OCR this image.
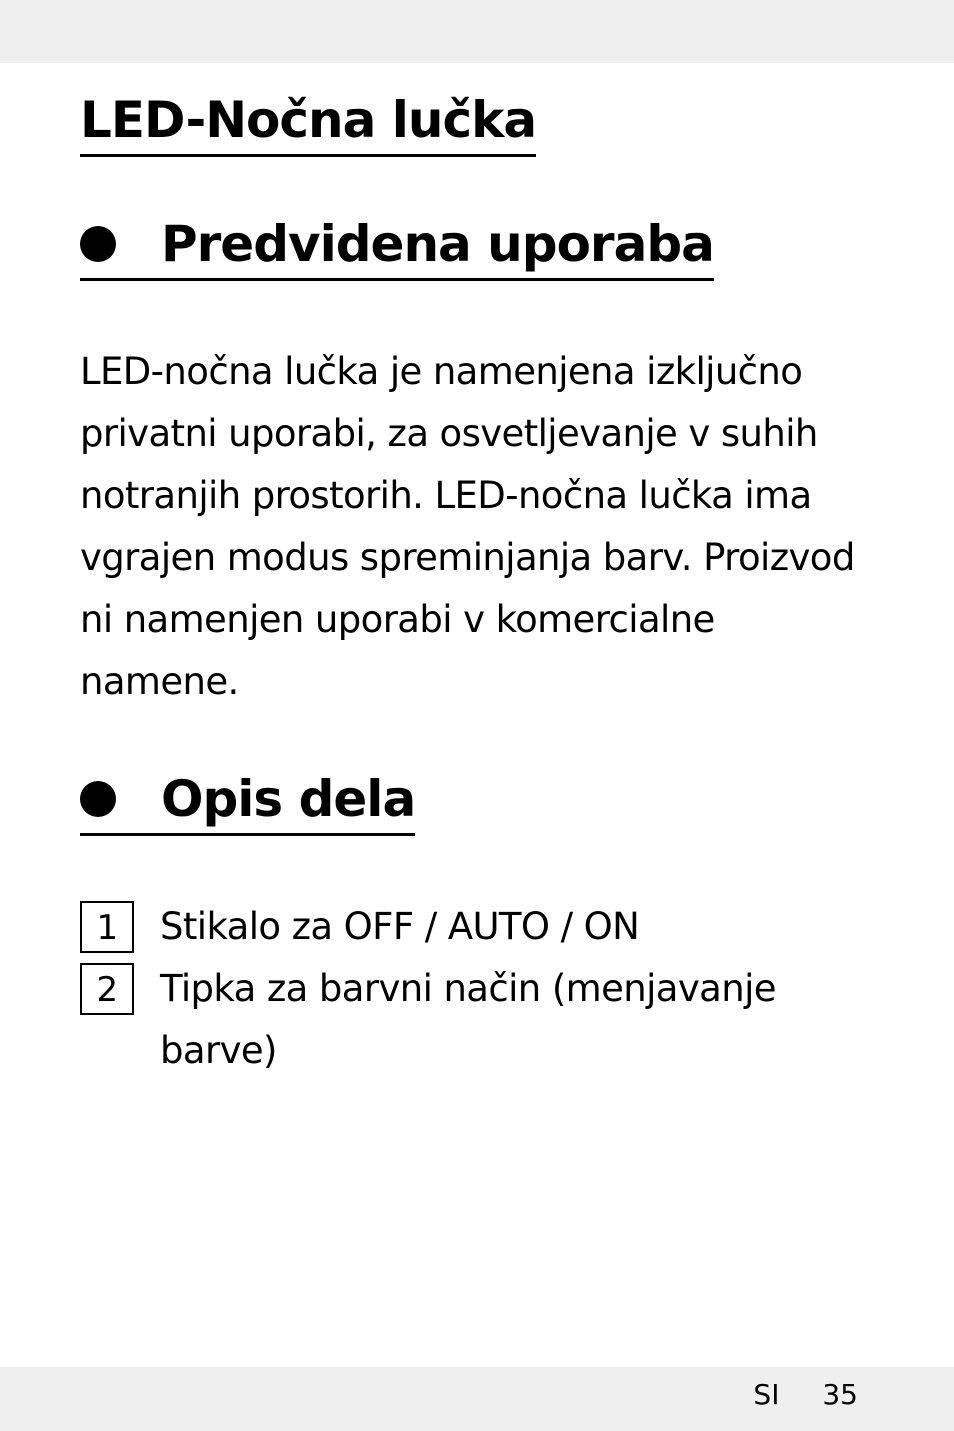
LED-Nočna lučka
Predvidena uporaba

LED-nočna lučka je namenjena izključno privatni uporabi, za osvetljevanje v suhih notranjih prostorih. LED-nočna lučka ima vgrajen modus spreminjanja barv. Proizvod ni namenjen uporabi v komercialne namene.

Opis dela
1	Stikalo za OFF / AUTO / ON
2	Tipka za barvni način (menjavanje barve)
SI 35
